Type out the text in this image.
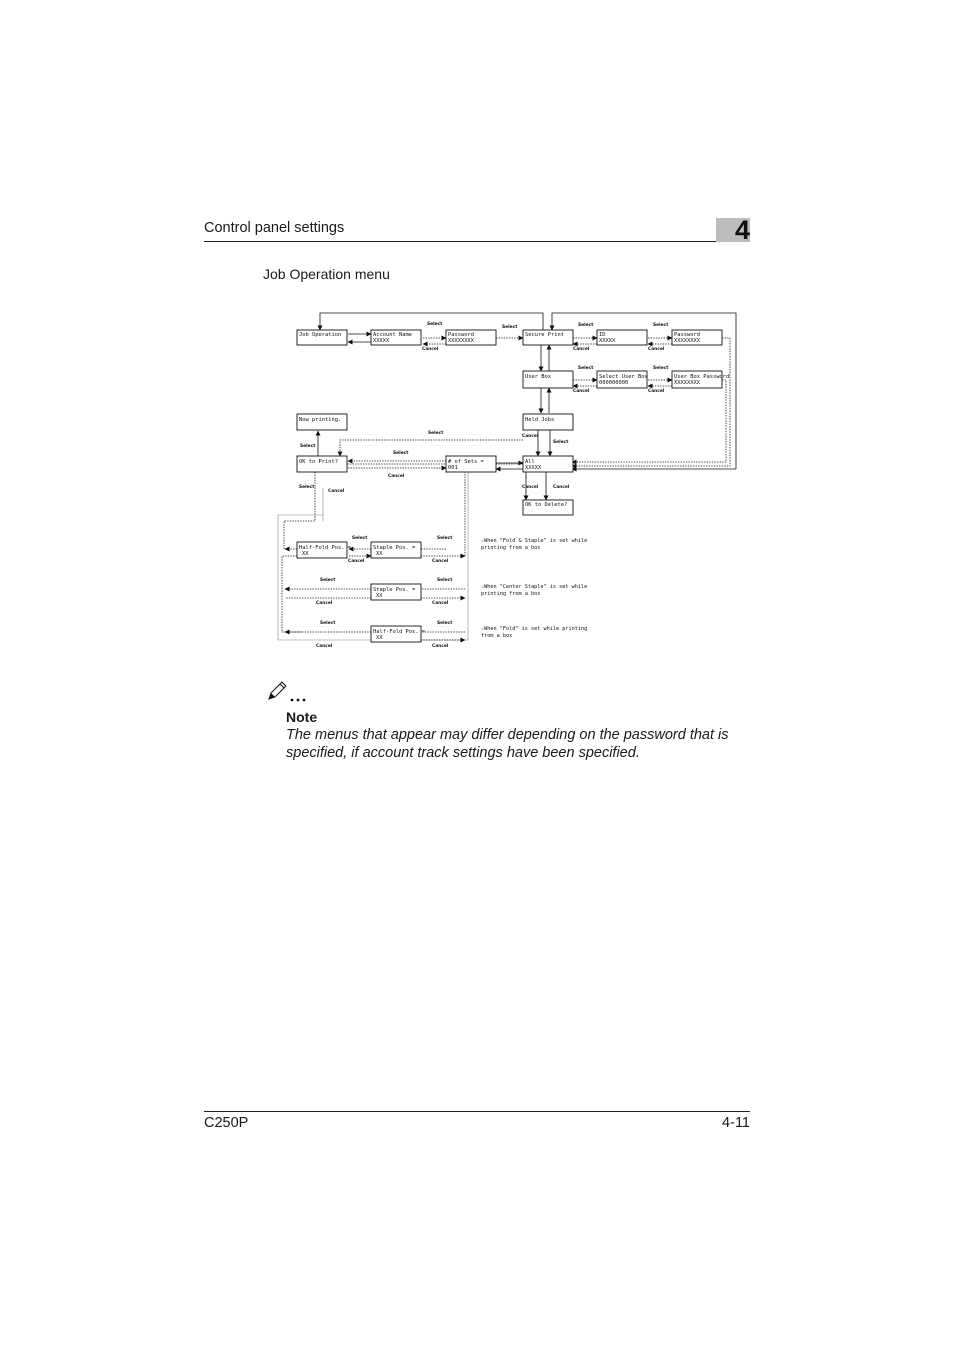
Control panel settings	4
Job Operation menu
Job Operation	Account Name
XXXXX
Password
XXXXXXXX
Secure Print	ID
XXXXX
Password
XXXXXXXX
User Box	Select User Box
000000000
User Box Password
XXXXXXXX
Now printing.	Held Jobs
OK to Print?	# of Sets =
001
All
XXXXX
OK to Delete?
Half-Fold Pos. =
XX
Staple Pos. =
XX
Staple Pos. =
XX
Half-Fold Pos. =
XX
Select
Cancel
Select	Select
Cancel
Select
Cancel
Select
Cancel
Select
Cancel
Select
Cancel
Select
Select
Select
Cancel
Select
Cancel
Cancel	Cancel
Select
Cancel
Select
Cancel
Select
Cancel
Select
Cancel
Select
Cancel
Select
Cancel
☆When "Fold & Staple" is set while
printing from a box
☆When "Center Staple" is set while
printing from a box
☆When "Fold" is set while printing
from a box
Note
The menus that appear may differ depending on the password that is specified, if account track settings have been specified.
C250P	4-11
